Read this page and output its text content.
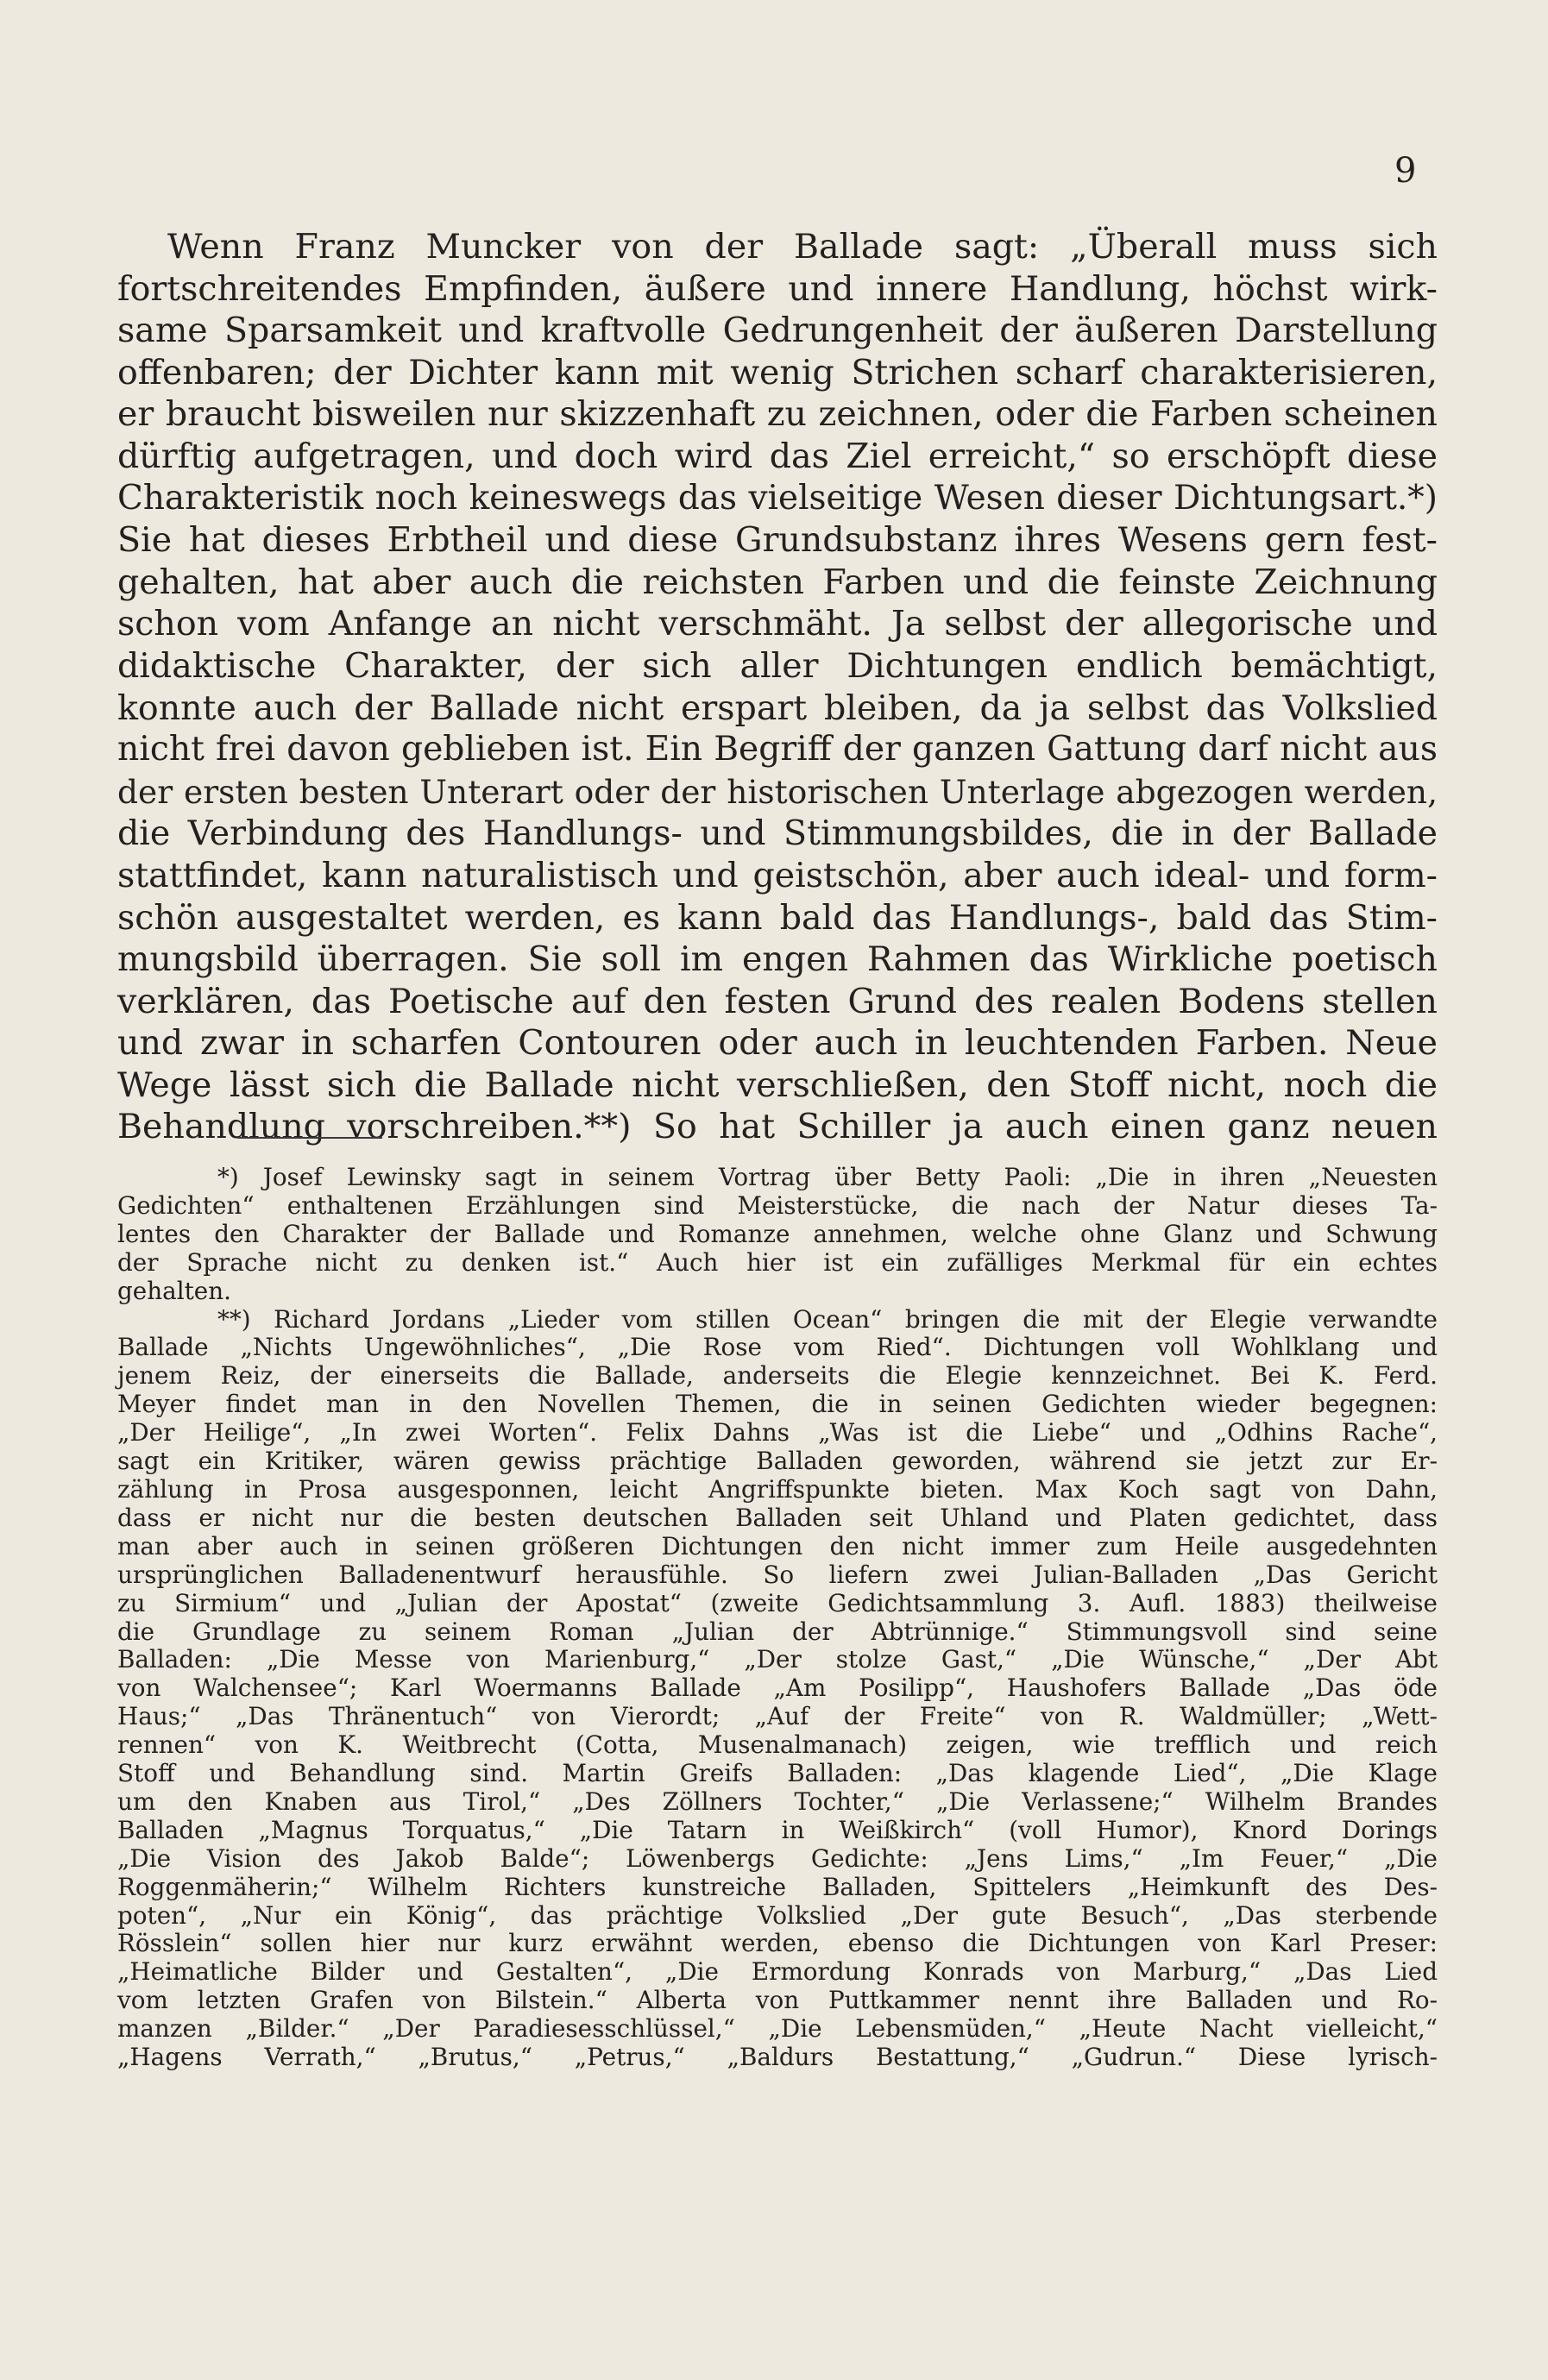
9
Wenn Franz Muncker von der Ballade sagt: „Überall muss sich
fortschreitendes Empfinden, äußere und innere Handlung, höchst wirk-
same Sparsamkeit und kraftvolle Gedrungenheit der äußeren Darstellung
offenbaren; der Dichter kann mit wenig Strichen scharf charakterisieren,
er braucht bisweilen nur skizzenhaft zu zeichnen, oder die Farben scheinen
dürftig aufgetragen, und doch wird das Ziel erreicht,“ so erschöpft diese
Charakteristik noch keineswegs das vielseitige Wesen dieser Dichtungsart.*)
Sie hat dieses Erbtheil und diese Grundsubstanz ihres Wesens gern fest-
gehalten, hat aber auch die reichsten Farben und die feinste Zeichnung
schon vom Anfange an nicht verschmäht. Ja selbst der allegorische und
didaktische Charakter, der sich aller Dichtungen endlich bemächtigt,
konnte auch der Ballade nicht erspart bleiben, da ja selbst das Volkslied
nicht frei davon geblieben ist. Ein Begriff der ganzen Gattung darf nicht aus
der ersten besten Unterart oder der historischen Unterlage abgezogen werden,
die Verbindung des Handlungs- und Stimmungsbildes, die in der Ballade
stattfindet, kann naturalistisch und geistschön, aber auch ideal- und form-
schön ausgestaltet werden, es kann bald das Handlungs-, bald das Stim-
mungsbild überragen. Sie soll im engen Rahmen das Wirkliche poetisch
verklären, das Poetische auf den festen Grund des realen Bodens stellen
und zwar in scharfen Contouren oder auch in leuchtenden Farben. Neue
Wege lässt sich die Ballade nicht verschließen, den Stoff nicht, noch die
Behandlung vorschreiben.**) So hat Schiller ja auch einen ganz neuen
*) Josef Lewinsky sagt in seinem Vortrag über Betty Paoli: „Die in ihren „Neuesten
Gedichten“ enthaltenen Erzählungen sind Meisterstücke, die nach der Natur dieses Ta-
lentes den Charakter der Ballade und Romanze annehmen, welche ohne Glanz und Schwung
der Sprache nicht zu denken ist.“ Auch hier ist ein zufälliges Merkmal für ein echtes
gehalten.
**) Richard Jordans „Lieder vom stillen Ocean“ bringen die mit der Elegie verwandte
Ballade „Nichts Ungewöhnliches“, „Die Rose vom Ried“. Dichtungen voll Wohlklang und
jenem Reiz, der einerseits die Ballade, anderseits die Elegie kennzeichnet. Bei K. Ferd.
Meyer findet man in den Novellen Themen, die in seinen Gedichten wieder begegnen:
„Der Heilige“, „In zwei Worten“. Felix Dahns „Was ist die Liebe“ und „Odhins Rache“,
sagt ein Kritiker, wären gewiss prächtige Balladen geworden, während sie jetzt zur Er-
zählung in Prosa ausgesponnen, leicht Angriffspunkte bieten. Max Koch sagt von Dahn,
dass er nicht nur die besten deutschen Balladen seit Uhland und Platen gedichtet, dass
man aber auch in seinen größeren Dichtungen den nicht immer zum Heile ausgedehnten
ursprünglichen Balladenentwurf herausfühle. So liefern zwei Julian-Balladen „Das Gericht
zu Sirmium“ und „Julian der Apostat“ (zweite Gedichtsammlung 3. Aufl. 1883) theilweise
die Grundlage zu seinem Roman „Julian der Abtrünnige.“ Stimmungsvoll sind seine
Balladen: „Die Messe von Marienburg,“ „Der stolze Gast,“ „Die Wünsche,“ „Der Abt
von Walchensee“; Karl Woermanns Ballade „Am Posilipp“, Haushofers Ballade „Das öde
Haus;“ „Das Thränentuch“ von Vierordt; „Auf der Freite“ von R. Waldmüller; „Wett-
rennen“ von K. Weitbrecht (Cotta, Musenalmanach) zeigen, wie trefflich und reich
Stoff und Behandlung sind. Martin Greifs Balladen: „Das klagende Lied“, „Die Klage
um den Knaben aus Tirol,“ „Des Zöllners Tochter,“ „Die Verlassene;“ Wilhelm Brandes
Balladen „Magnus Torquatus,“ „Die Tatarn in Weißkirch“ (voll Humor), Knord Dorings
„Die Vision des Jakob Balde“; Löwenbergs Gedichte: „Jens Lims,“ „Im Feuer,“ „Die
Roggenmäherin;“ Wilhelm Richters kunstreiche Balladen, Spittelers „Heimkunft des Des-
poten“, „Nur ein König“, das prächtige Volkslied „Der gute Besuch“, „Das sterbende
Rösslein“ sollen hier nur kurz erwähnt werden, ebenso die Dichtungen von Karl Preser:
„Heimatliche Bilder und Gestalten“, „Die Ermordung Konrads von Marburg,“ „Das Lied
vom letzten Grafen von Bilstein.“ Alberta von Puttkammer nennt ihre Balladen und Ro-
manzen „Bilder.“ „Der Paradiesesschlüssel,“ „Die Lebensmüden,“ „Heute Nacht vielleicht,“
„Hagens Verrath,“ „Brutus,“ „Petrus,“ „Baldurs Bestattung,“ „Gudrun.“ Diese lyrisch-
